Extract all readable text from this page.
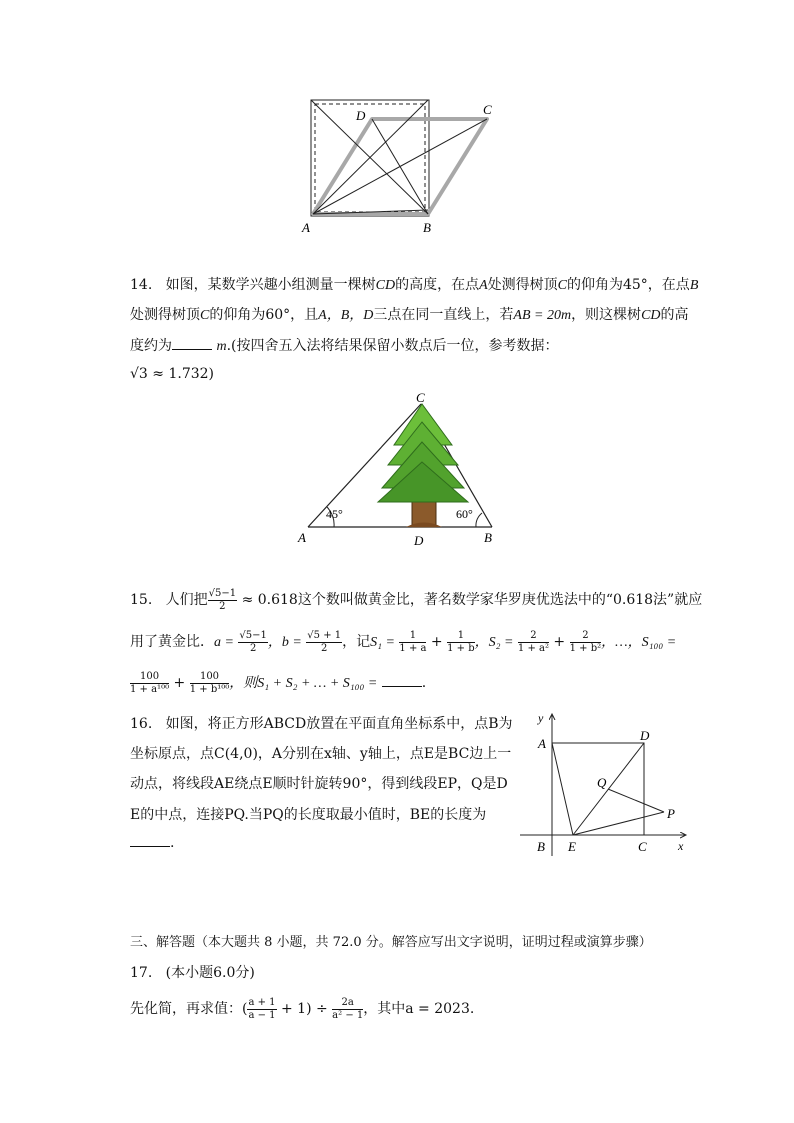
A	B
D	C
14. 如图，某数学兴趣小组测量一棵树CD的高度，在点A处测得树顶C的仰角为45°，在点B
处测得树顶C的仰角为60°，且A，B，D三点在同一直线上，若AB = 20m，则这棵树CD的高
度约为	m.(按四舍五入法将结果保留小数点后一位，参考数据：
√3 ≈ 1.732)
45°	60°
A	D	B
C
15. 人们把 $\frac{√5-1}{2} \approx 0.618$这个数叫做黄金比，著名数学家华罗庚优选法中的“0.618法”就应
用了黄金比．$a = \frac{√5-1}{2}$ ，$b = \frac{√5 + 1}{2}$ ，记$S_1 = \frac{1}{1 + a} + \frac{1}{1 + b}$ ，$S_2 = \frac{2}{\text{1 + a²}} + \frac{2}{\text{1 + b²}}$ ，…，S₁₀₀ =
$\frac{100}{\text{1 + a¹⁰⁰}} + \frac{100}{\text{1 + b¹⁰⁰}}$ ，则S₁ + S₂ + … + S₁₀₀ =	.
16. 如图，将正方形ABCD放置在平面直角坐标系中，点B为
坐标原点，点C(4,0)，A分别在x轴、y轴上，点E是BC边上一
动点，将线段AE绕点E顺时针旋转90°，得到线段EP，Q是D
E的中点，连接PQ.当PQ的长度取最小值时，BE的长度为
.
y
A
D
Q
P
B E	C	x
三、解答题（本大题共 8 小题，共 72.0 分。解答应写出文字说明，证明过程或演算步骤）
17. (本小题6.0分)
先化简，再求值：( $\frac{a + 1}{a - 1} + 1) \div \frac{2a}{\text{a² − 1}}$ ，其中a = 2023.
